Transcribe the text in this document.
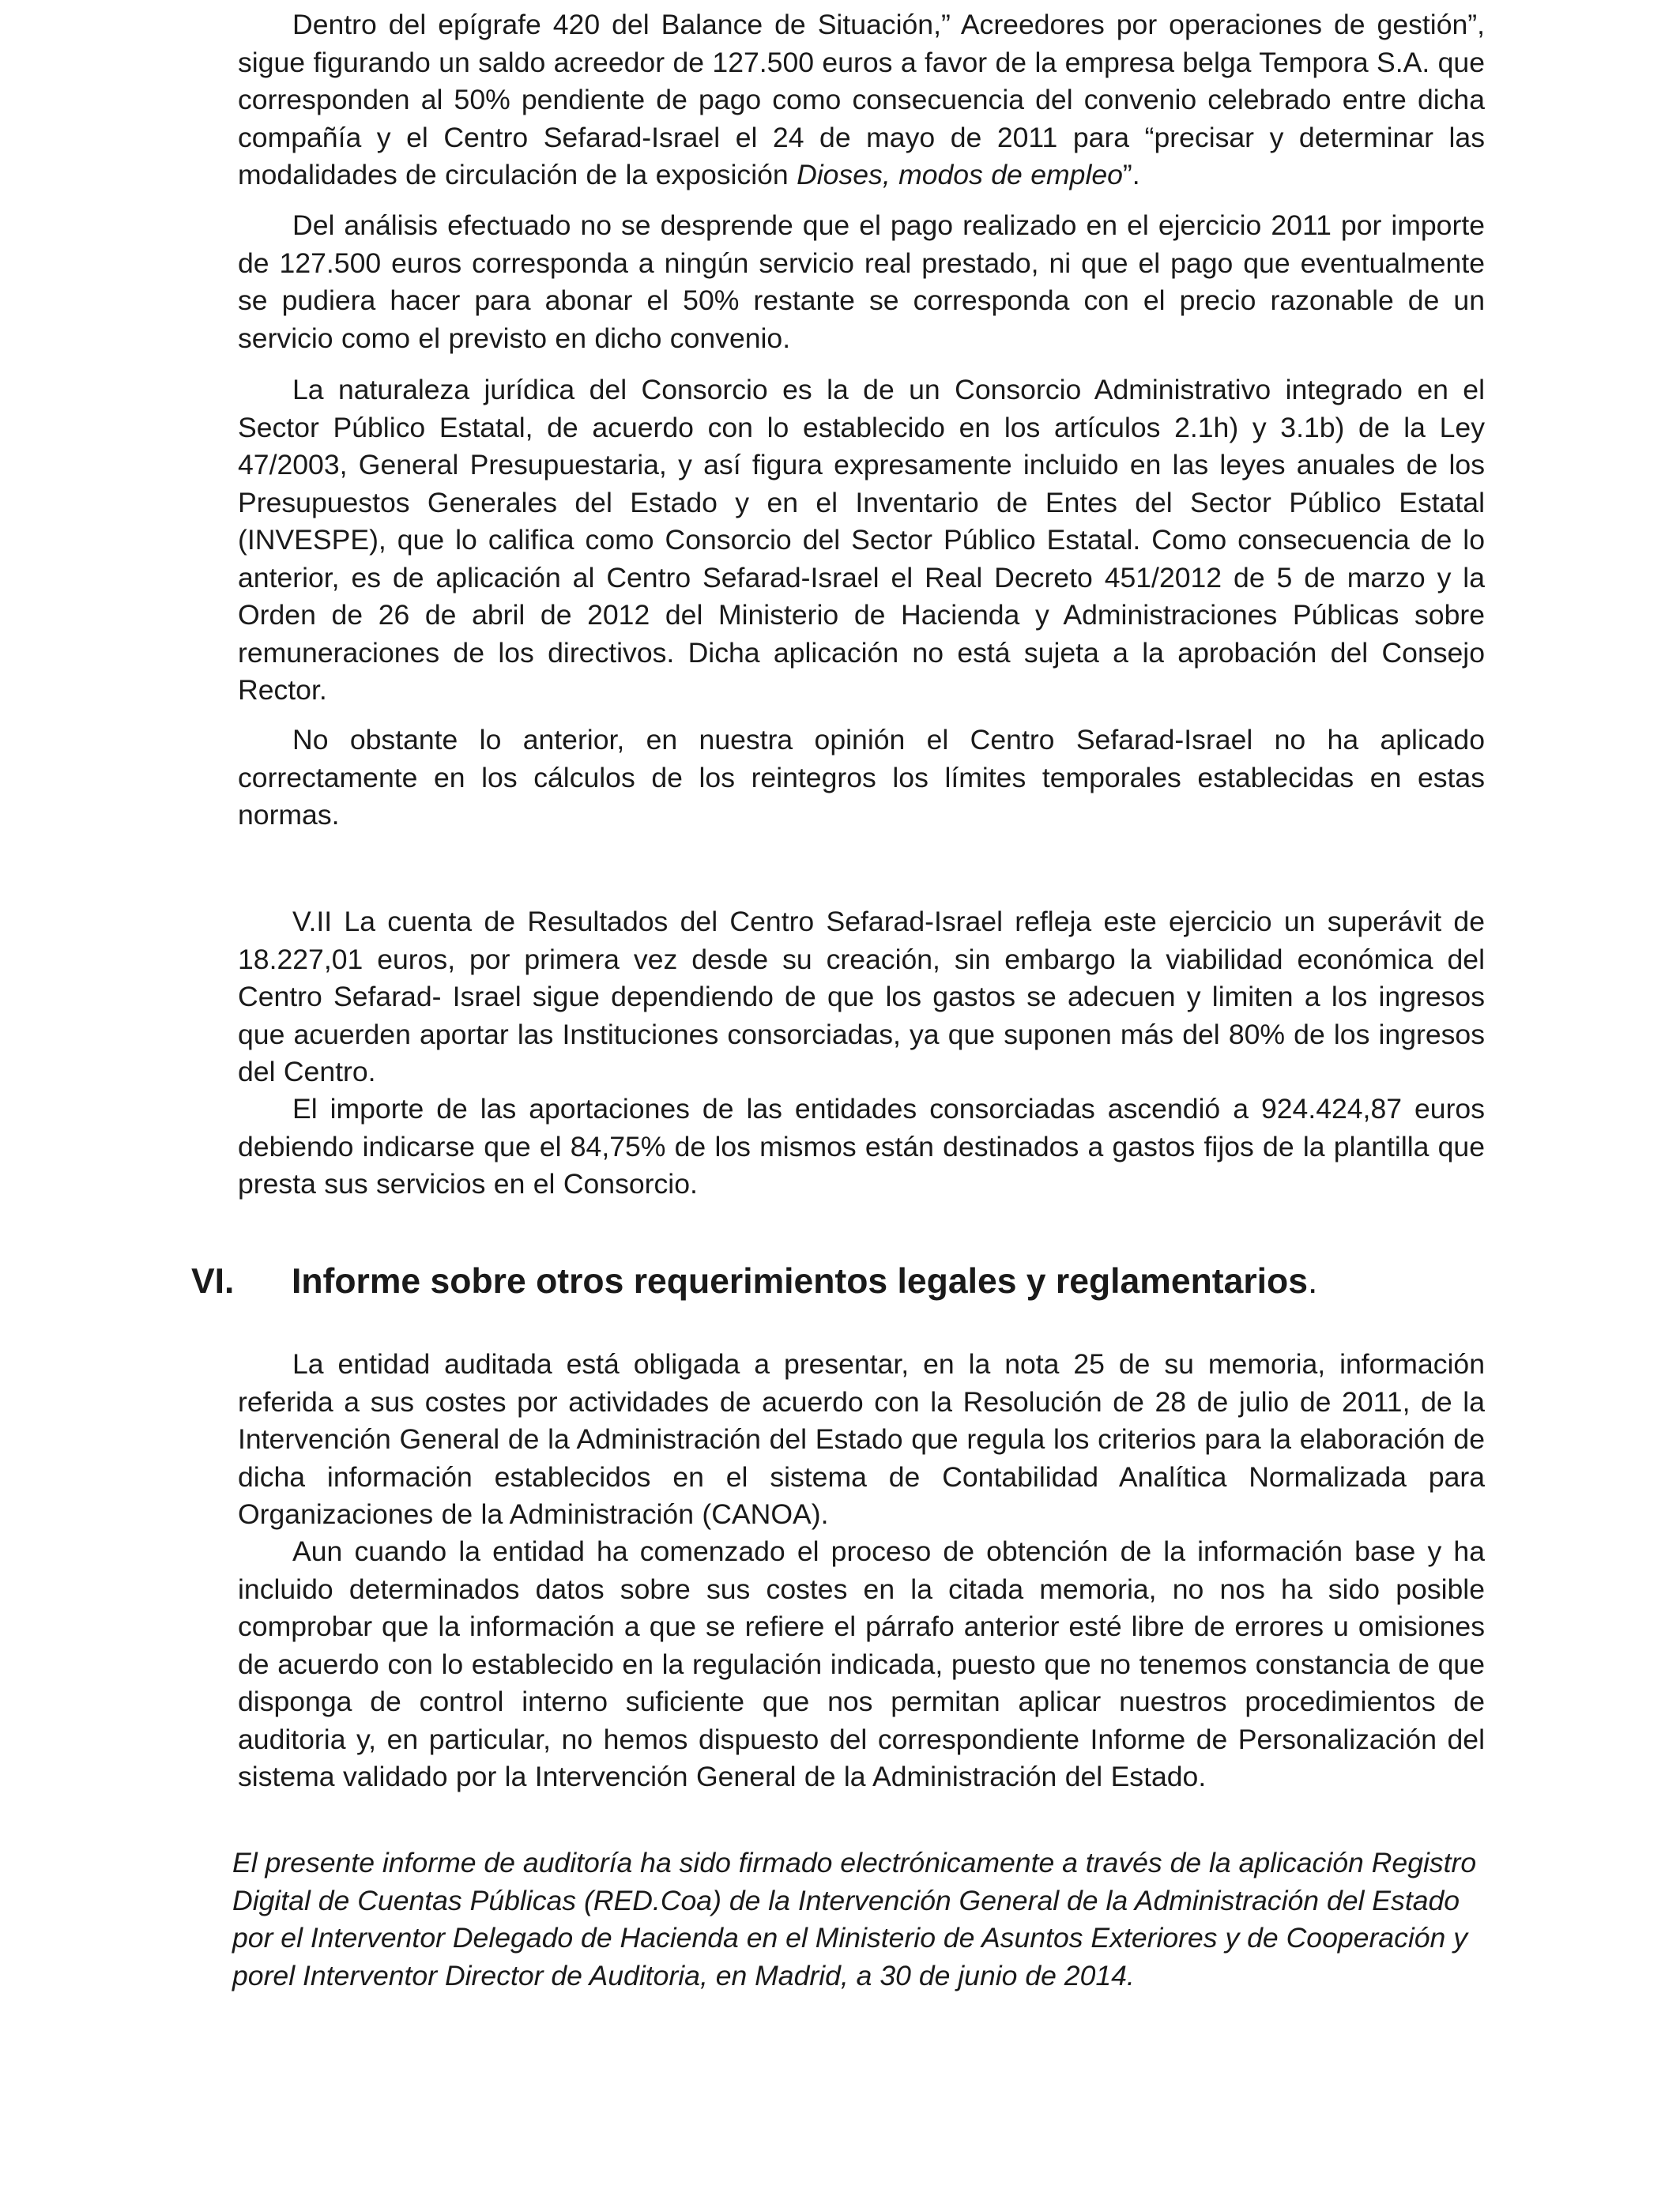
Dentro del epígrafe 420 del Balance de Situación,” Acreedores por operaciones de gestión”, sigue figurando un saldo acreedor de 127.500 euros a favor de la empresa belga Tempora S.A. que corresponden al 50% pendiente de pago como consecuencia del convenio celebrado entre dicha compañía y el Centro Sefarad-Israel el 24 de mayo de 2011 para “precisar y determinar las modalidades de circulación de la exposición Dioses, modos de empleo”.

Del análisis efectuado no se desprende que el pago realizado en el ejercicio 2011 por importe de 127.500 euros corresponda a ningún servicio real prestado, ni que el pago que eventualmente se pudiera hacer para abonar el 50% restante se corresponda con el precio razonable de un servicio como el previsto en dicho convenio.

La naturaleza jurídica del Consorcio es la de un Consorcio Administrativo integrado en el Sector Público Estatal, de acuerdo con lo establecido en los artículos 2.1h) y 3.1b) de la Ley 47/2003, General Presupuestaria, y así figura expresamente incluido en las leyes anuales de los Presupuestos Generales del Estado y en el Inventario de Entes del Sector Público Estatal (INVESPE), que lo califica como Consorcio del Sector Público Estatal. Como consecuencia de lo anterior, es de aplicación al Centro Sefarad-Israel el Real Decreto 451/2012 de 5 de marzo y la Orden de 26 de abril de 2012 del Ministerio de Hacienda y Administraciones Públicas sobre remuneraciones de los directivos. Dicha aplicación no está sujeta a la aprobación del Consejo Rector.

No obstante lo anterior, en nuestra opinión el Centro Sefarad-Israel no ha aplicado correctamente en los cálculos de los reintegros los límites temporales establecidas en estas normas.

V.II La cuenta de Resultados del Centro Sefarad-Israel refleja este ejercicio un superávit de 18.227,01 euros, por primera vez desde su creación, sin embargo la viabilidad económica del Centro Sefarad- Israel sigue dependiendo de que los gastos se adecuen y limiten a los ingresos que acuerden aportar las Instituciones consorciadas, ya que suponen más del 80% de los ingresos del Centro.

El importe de las aportaciones de las entidades consorciadas ascendió a 924.424,87 euros debiendo indicarse que el 84,75% de los mismos están destinados a gastos fijos de la plantilla que presta sus servicios en el Consorcio.

VI. Informe sobre otros requerimientos legales y reglamentarios.

La entidad auditada está obligada a presentar, en la nota 25 de su memoria, información referida a sus costes por actividades de acuerdo con la Resolución de 28 de julio de 2011, de la Intervención General de la Administración del Estado que regula los criterios para la elaboración de dicha información establecidos en el sistema de Contabilidad Analítica Normalizada para Organizaciones de la Administración (CANOA).

Aun cuando la entidad ha comenzado el proceso de obtención de la información base y ha incluido determinados datos sobre sus costes en la citada memoria, no nos ha sido posible comprobar que la información a que se refiere el párrafo anterior esté libre de errores u omisiones de acuerdo con lo establecido en la regulación indicada, puesto que no tenemos constancia de que disponga de control interno suficiente que nos permitan aplicar nuestros procedimientos de auditoria y, en particular, no hemos dispuesto del correspondiente Informe de Personalización del sistema validado por la Intervención General de la Administración del Estado.

El presente informe de auditoría ha sido firmado electrónicamente a través de la aplicación Registro
Digital de Cuentas Públicas (RED.Coa) de la Intervención General de la Administración del Estado
por el Interventor Delegado de Hacienda en el Ministerio de Asuntos Exteriores y de Cooperación y
porel Interventor Director de Auditoria, en Madrid, a 30 de junio de 2014.
